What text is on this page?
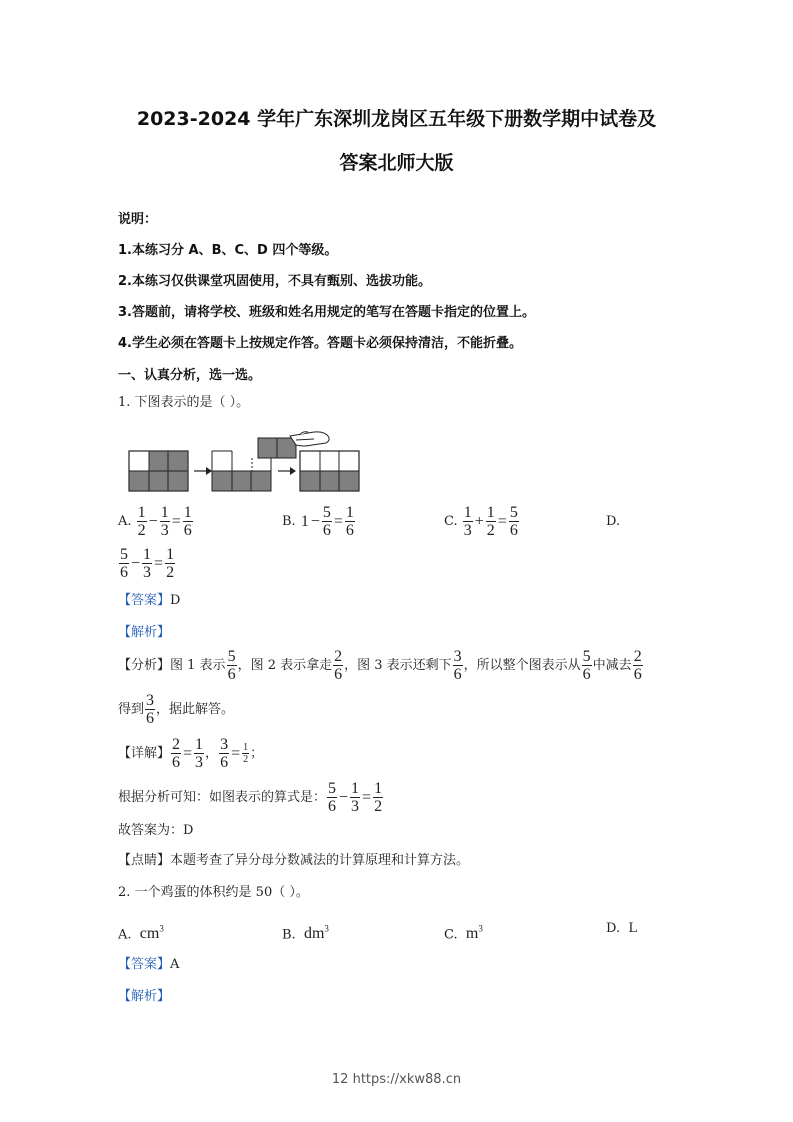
2023-2024 学年广东深圳龙岗区五年级下册数学期中试卷及
答案北师大版
说明：
1.本练习分 A、B、C、D 四个等级。
2.本练习仅供课堂巩固使用，不具有甄别、选拔功能。
3.答题前，请将学校、班级和姓名用规定的笔写在答题卡指定的位置上。
4.学生必须在答题卡上按规定作答。答题卡必须保持清洁，不能折叠。
一、认真分析，选一选。
1. 下图表示的是（ ）。
A. $\frac{1}{2} - \frac{1}{3} = \frac{1}{6}$	B. $1 - \frac{5}{6} = \frac{1}{6}$	C. $\frac{1}{3} + \frac{1}{2} = \frac{5}{6}$	D.
$\frac{5}{6} - \frac{1}{3} = \frac{1}{2}$
【答案】D
【解析】
【分析】图 1 表示 $\frac{5}{6}$ ，图 2 表示拿走 $\frac{2}{6}$ ，图 3 表示还剩下 $\frac{3}{6}$ ，所以整个图表示从 $\frac{5}{6}$ 中减去 $\frac{2}{6}$
得到 $\frac{3}{6}$ ，据此解答。
【详解】 $\frac{2}{6} = \frac{1}{3}$ ， $\frac{3}{6} = \frac{1}{2}$ ；
根据分析可知：如图表示的算式是： $\frac{5}{6} - \frac{1}{3} = \frac{1}{2}$
故答案为：D
【点睛】本题考查了异分母分数减法的计算原理和计算方法。
2. 一个鸡蛋的体积约是 50（ ）。
A. $cm^3$	B. $dm^3$	C. $m^3$	D. L
【答案】A
【解析】
12 https://xkw88.cn
